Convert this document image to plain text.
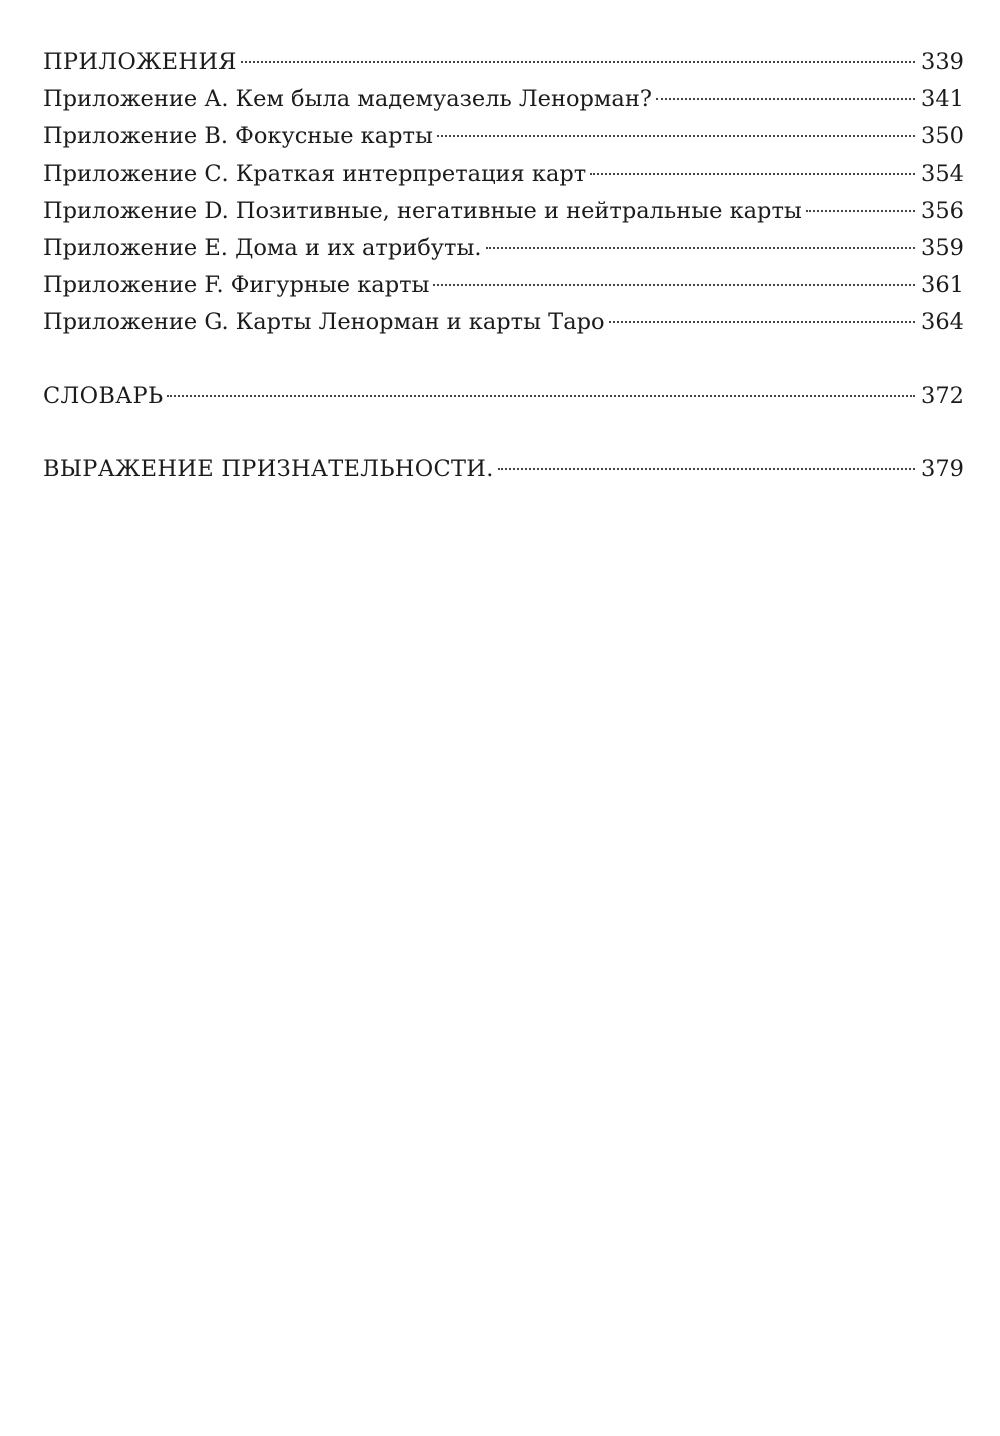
ПРИЛОЖЕНИЯ	339
Приложение А. Кем была мадемуазель Ленорман?	341
Приложение В. Фокусные карты	350
Приложение С. Краткая интерпретация карт	354
Приложение D. Позитивные, негативные и нейтральные карты	356
Приложение Е. Дома и их атрибуты.	359
Приложение F. Фигурные карты	361
Приложение G. Карты Ленорман и карты Таро	364
СЛОВАРЬ	372
ВЫРАЖЕНИЕ ПРИЗНАТЕЛЬНОСТИ.	379
